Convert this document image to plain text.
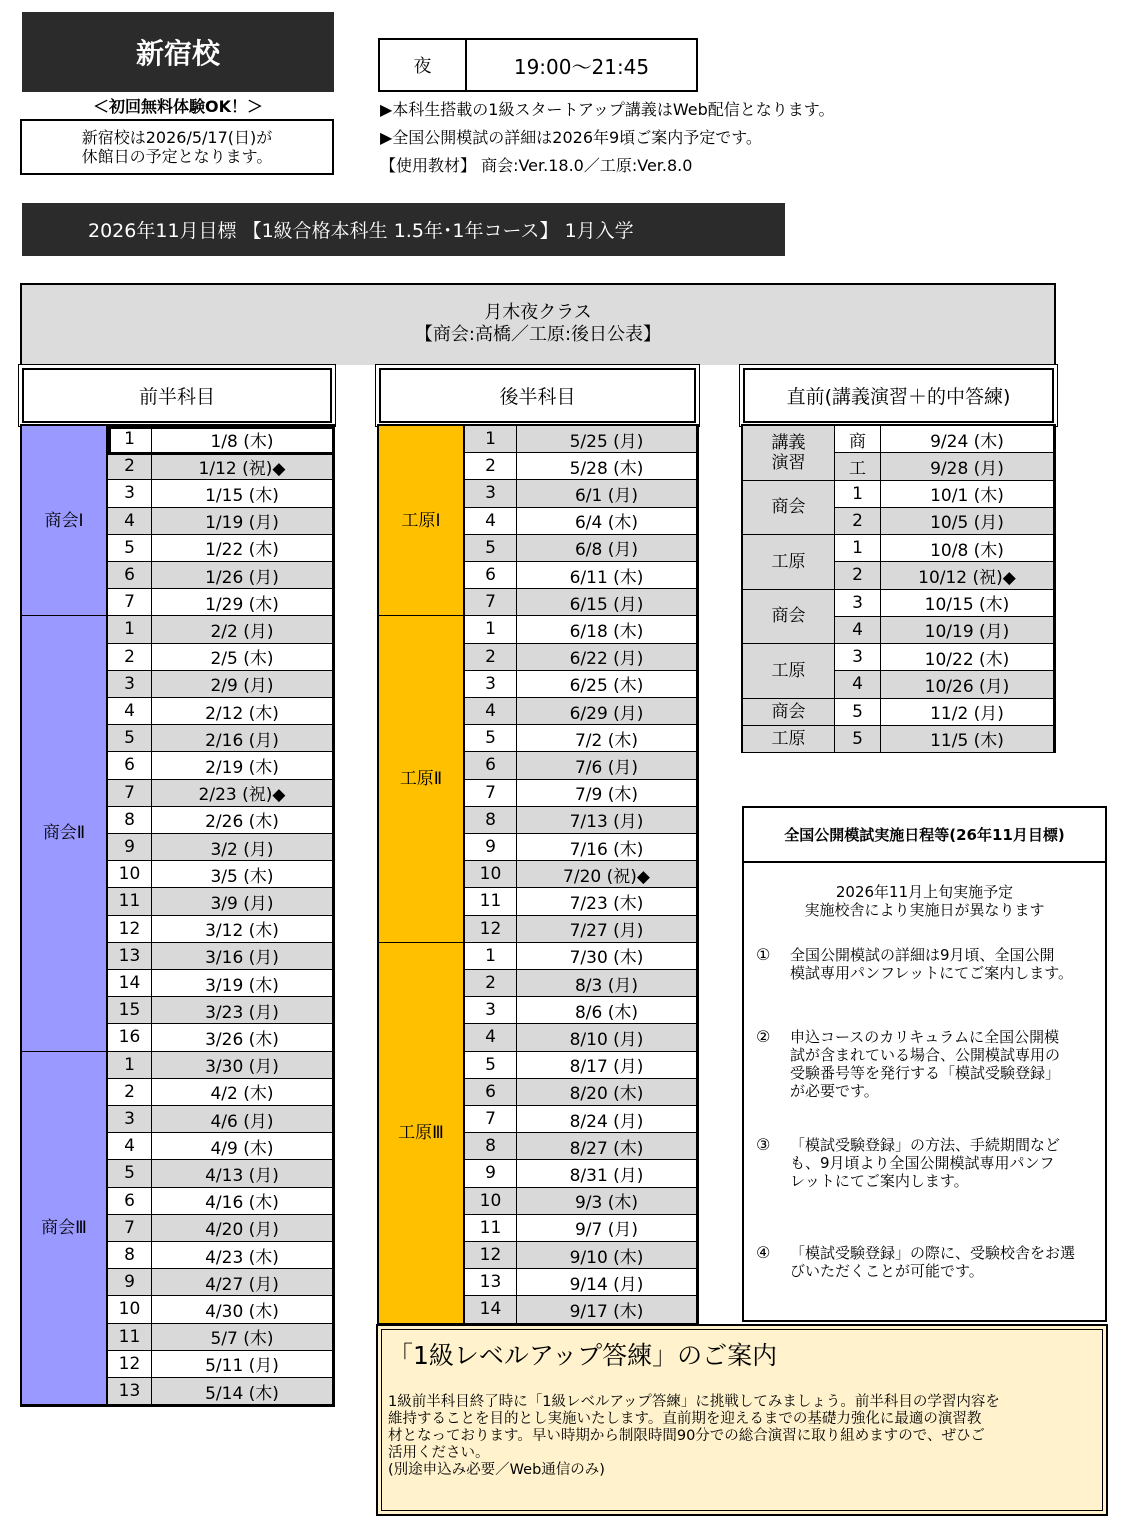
新宿校
＜初回無料体験OK！＞
新宿校は2026/5/17(日)が
休館日の予定となります。
夜	19:00〜21:45
▶本科生搭載の1級スタートアップ講義はWeb配信となります。
▶全国公開模試の詳細は2026年9頃ご案内予定です。
【使用教材】 商会:Ver.18.0／工原:Ver.8.0
2026年11月目標 【1級合格本科生 1.5年･1年コース】 1月入学
月木夜クラス
【商会:高橋／工原:後日公表】
前半科目	後半科目	直前(講義演習＋的中答練)
商会Ⅰ
1	1/8 (木)
2	1/12 (祝)◆
3	1/15 (木)
4	1/19 (月)
5	1/22 (木)
6	1/26 (月)
7	1/29 (木)
商会Ⅱ
1	2/2 (月)
2	2/5 (木)
3	2/9 (月)
4	2/12 (木)
5	2/16 (月)
6	2/19 (木)
7	2/23 (祝)◆
8	2/26 (木)
9	3/2 (月)
10	3/5 (木)
11	3/9 (月)
12	3/12 (木)
13	3/16 (月)
14	3/19 (木)
15	3/23 (月)
16	3/26 (木)
商会Ⅲ
1	3/30 (月)
2	4/2 (木)
3	4/6 (月)
4	4/9 (木)
5	4/13 (月)
6	4/16 (木)
7	4/20 (月)
8	4/23 (木)
9	4/27 (月)
10	4/30 (木)
11	5/7 (木)
12	5/11 (月)
13	5/14 (木)
工原Ⅰ
1	5/25 (月)
2	5/28 (木)
3	6/1 (月)
4	6/4 (木)
5	6/8 (月)
6	6/11 (木)
7	6/15 (月)
工原Ⅱ
1	6/18 (木)
2	6/22 (月)
3	6/25 (木)
4	6/29 (月)
5	7/2 (木)
6	7/6 (月)
7	7/9 (木)
8	7/13 (月)
9	7/16 (木)
10	7/20 (祝)◆
11	7/23 (木)
12	7/27 (月)
工原Ⅲ
1	7/30 (木)
2	8/3 (月)
3	8/6 (木)
4	8/10 (月)
5	8/17 (月)
6	8/20 (木)
7	8/24 (月)
8	8/27 (木)
9	8/31 (月)
10	9/3 (木)
11	9/7 (月)
12	9/10 (木)
13	9/14 (月)
14	9/17 (木)
講義
演習
商	9/24 (木)
工	9/28 (月)
商会
1	10/1 (木)
2	10/5 (月)
工原
1	10/8 (木)
2	10/12 (祝)◆
商会
3	10/15 (木)
4	10/19 (月)
工原
3	10/22 (木)
4	10/26 (月)
商会	5	11/2 (月)
工原	5	11/5 (木)
全国公開模試実施日程等(26年11月目標)
2026年11月上旬実施予定
実施校舎により実施日が異なります
①	全国公開模試の詳細は9月頃、全国公開
模試専用パンフレットにてご案内します。
②	申込コースのカリキュラムに全国公開模
試が含まれている場合、公開模試専用の
受験番号等を発行する「模試受験登録」
が必要です。
③	「模試受験登録」の方法、手続期間など
も、9月頃より全国公開模試専用パンフ
レットにてご案内します。
④	「模試受験登録」の際に、受験校舎をお選
びいただくことが可能です。
「1級レベルアップ答練」のご案内
1級前半科目終了時に「1級レベルアップ答練」に挑戦してみましょう。前半科目の学習内容を
維持することを目的とし実施いたします。直前期を迎えるまでの基礎力強化に最適の演習教
材となっております。早い時期から制限時間90分での総合演習に取り組めますので、ぜひご
活用ください。
(別途申込み必要／Web通信のみ)
